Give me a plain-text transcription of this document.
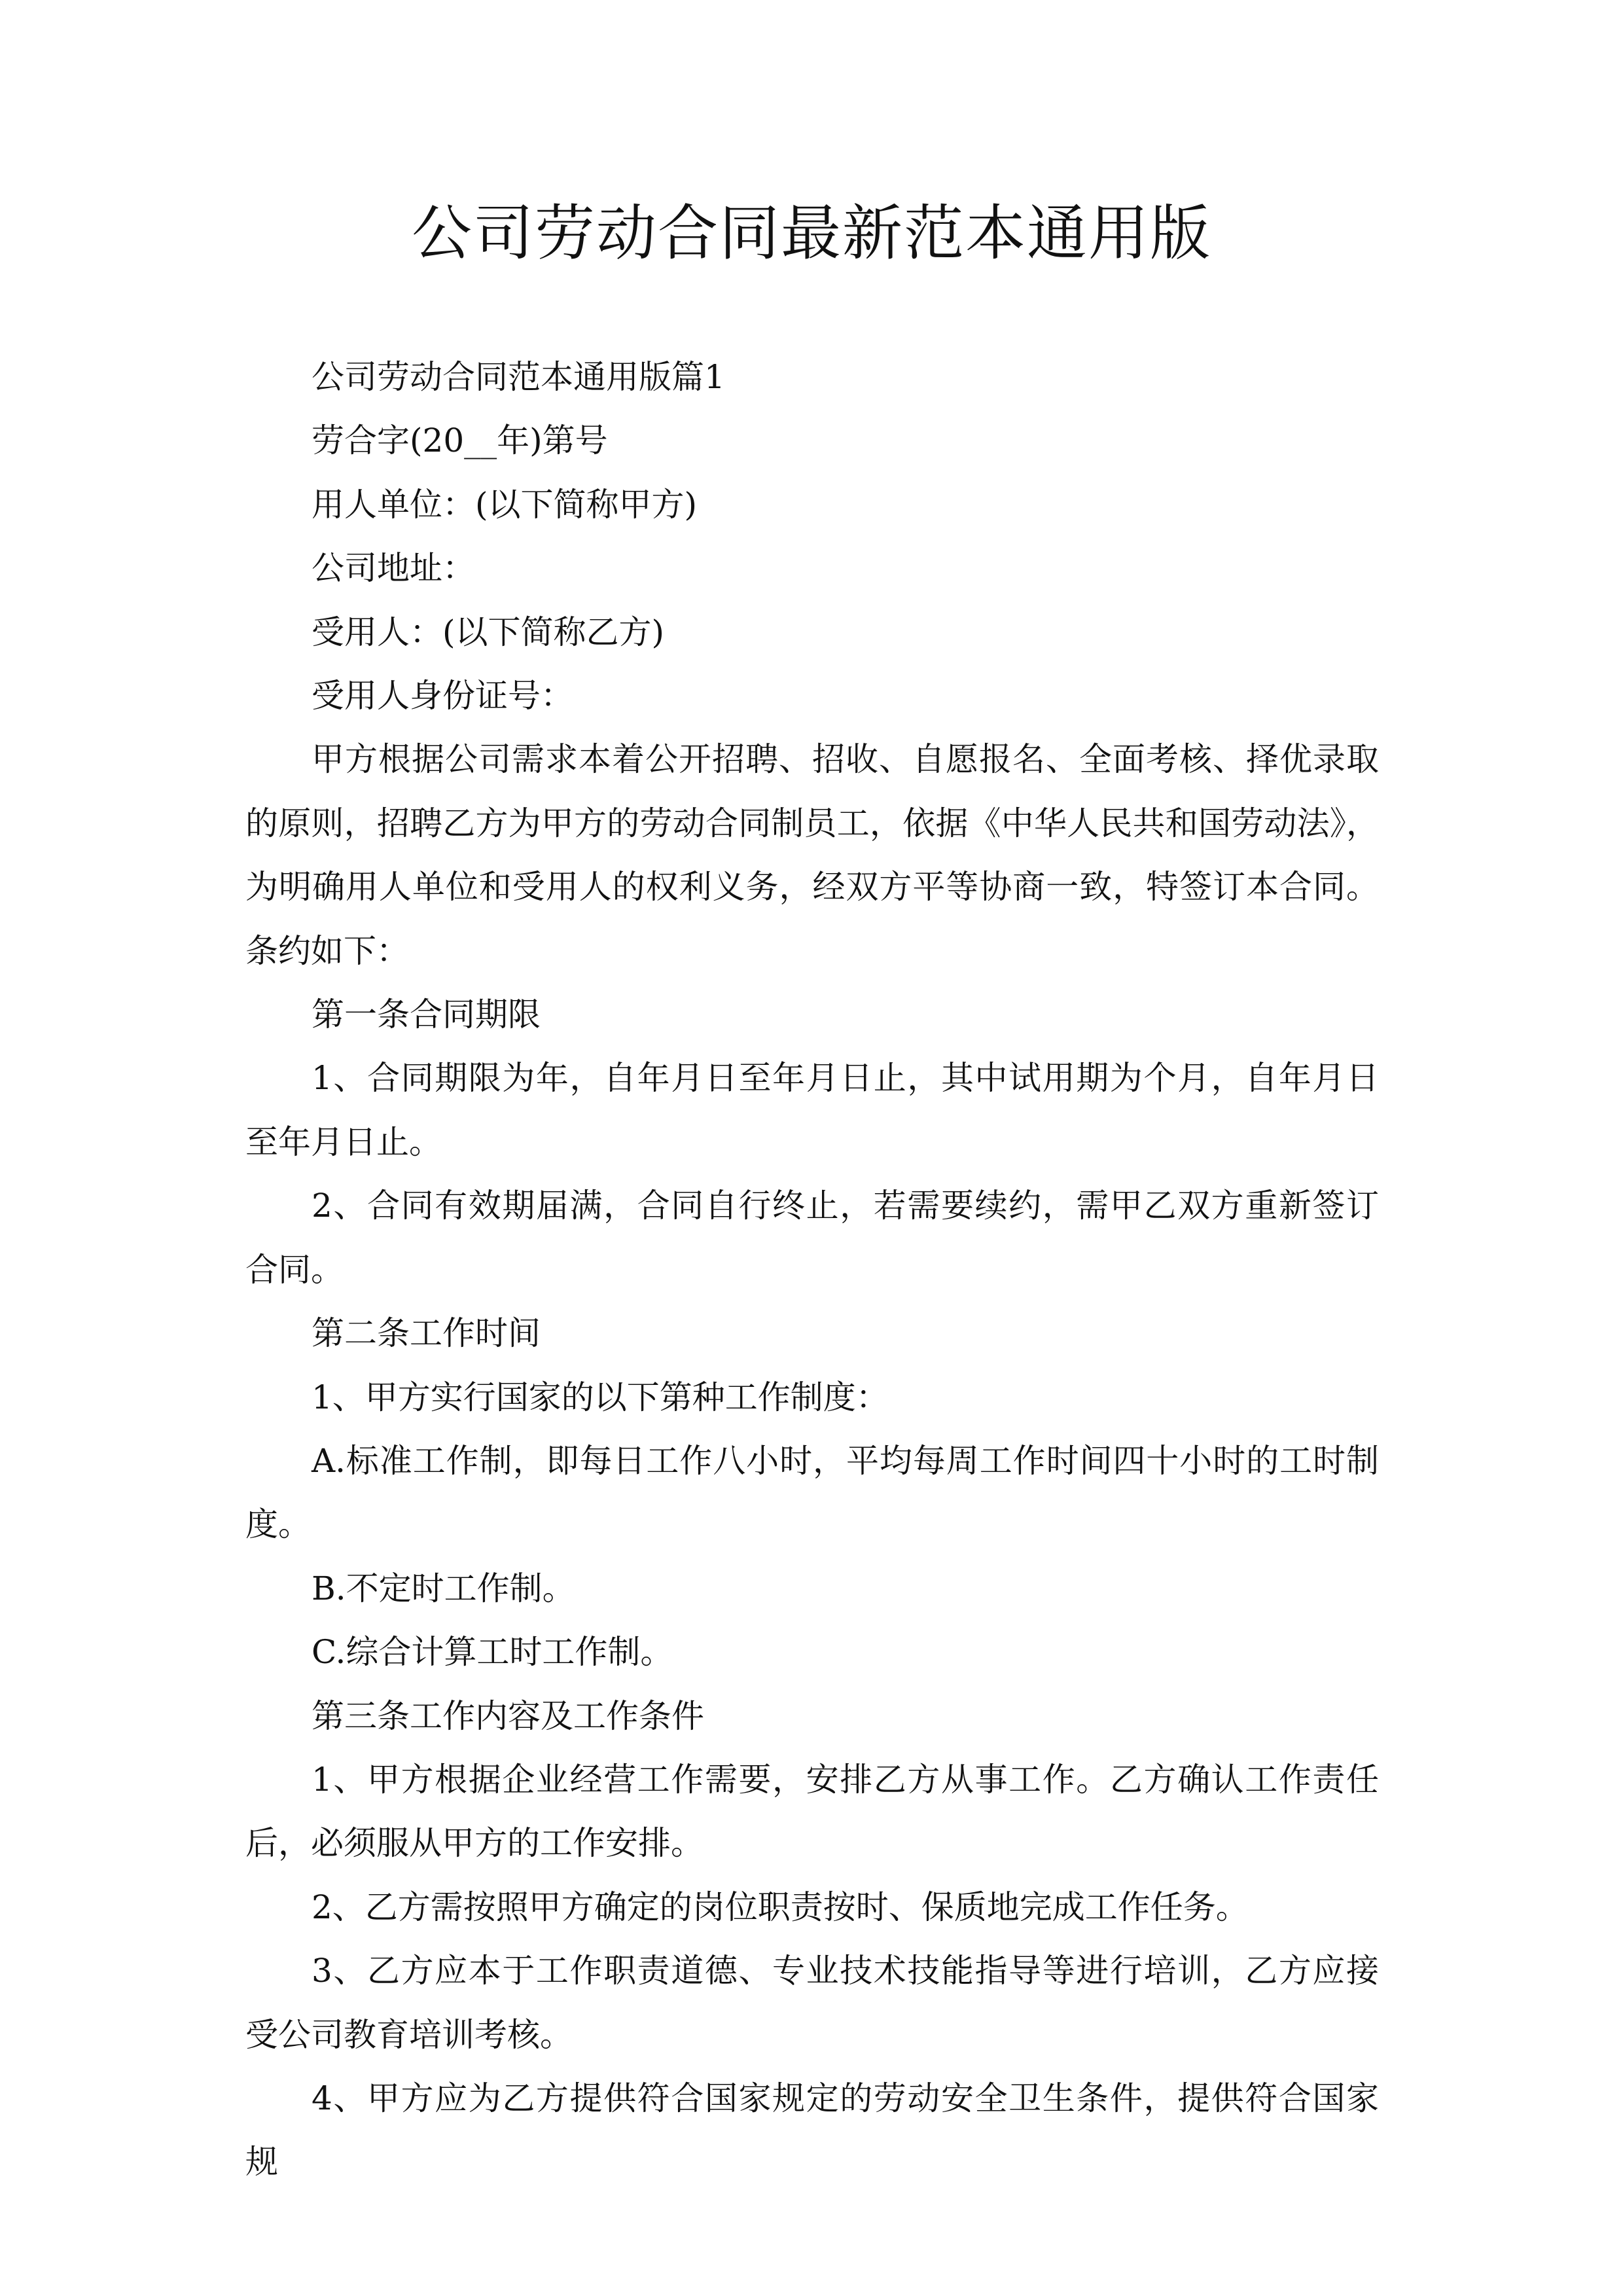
公司劳动合同最新范本通用版

公司劳动合同范本通用版篇1

劳合字(20__年)第号

用人单位：(以下简称甲方)

公司地址：

受用人：(以下简称乙方)

受用人身份证号：

甲方根据公司需求本着公开招聘、招收、自愿报名、全面考核、择优录取的原则，招聘乙方为甲方的劳动合同制员工，依据《中华人民共和国劳动法》，为明确用人单位和受用人的权利义务，经双方平等协商一致，特签订本合同。条约如下：

第一条合同期限

1、合同期限为年，自年月日至年月日止，其中试用期为个月，自年月日至年月日止。

2、合同有效期届满，合同自行终止，若需要续约，需甲乙双方重新签订合同。

第二条工作时间

1、甲方实行国家的以下第种工作制度：

A.标准工作制，即每日工作八小时，平均每周工作时间四十小时的工时制度。

B.不定时工作制。

C.综合计算工时工作制。

第三条工作内容及工作条件

1、甲方根据企业经营工作需要，安排乙方从事工作。乙方确认工作责任后，必须服从甲方的工作安排。

2、乙方需按照甲方确定的岗位职责按时、保质地完成工作任务。

3、乙方应本于工作职责道德、专业技术技能指导等进行培训，乙方应接受公司教育培训考核。

4、甲方应为乙方提供符合国家规定的劳动安全卫生条件，提供符合国家规
